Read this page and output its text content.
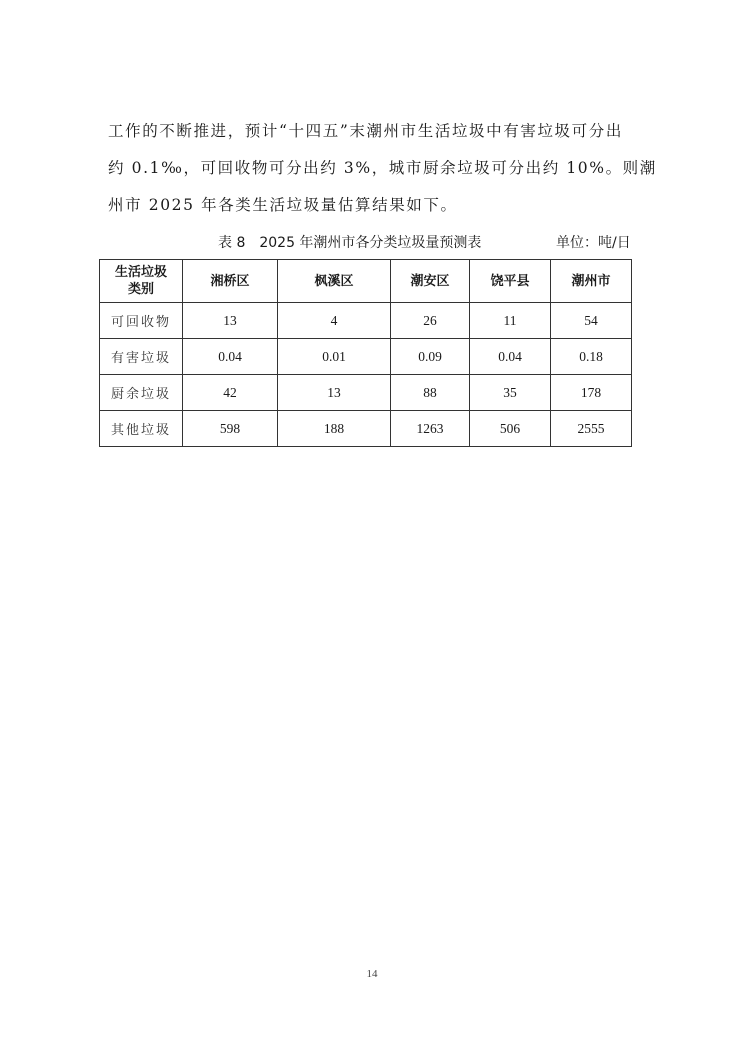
工作的不断推进，预计“十四五”末潮州市生活垃圾中有害垃圾可分出
约 0.1‰，可回收物可分出约 3%，城市厨余垃圾可分出约 10%。则潮
州市 2025 年各类生活垃圾量估算结果如下。
表 8　2025 年潮州市各分类垃圾量预测表	单位：吨/日
生活垃圾
类别	湘桥区	枫溪区	潮安区	饶平县	潮州市
可回收物	13	4	26	11	54
有害垃圾	0.04	0.01	0.09	0.04	0.18
厨余垃圾	42	13	88	35	178
其他垃圾	598	188	1263	506	2555
14
